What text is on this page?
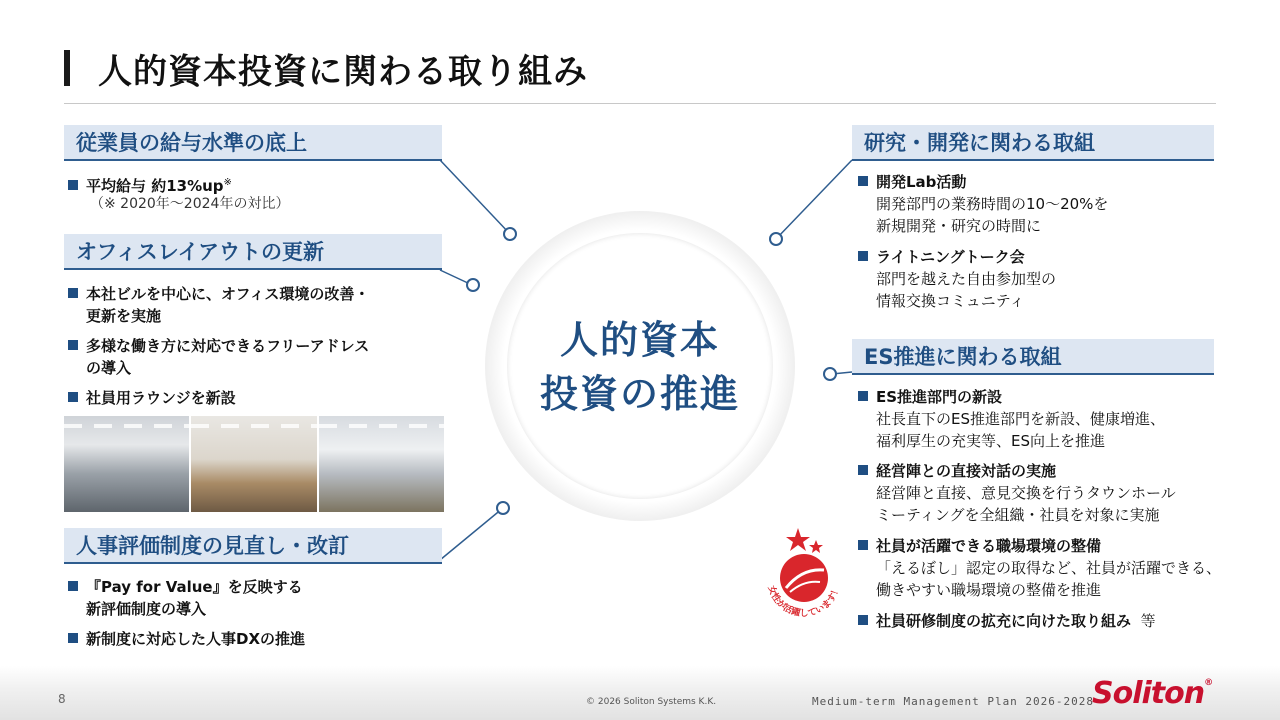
人的資本投資に関わる取り組み
従業員の給与水準の底上
平均給与 約13%up※
（※ 2020年～2024年の対比）
オフィスレイアウトの更新
本社ビルを中心に、オフィス環境の改善・
更新を実施
多様な働き方に対応できるフリーアドレス
の導入
社員用ラウンジを新設
人事評価制度の見直し・改訂
『Pay for Value』を反映する
新評価制度の導入
新制度に対応した人事DXの推進
人的資本
投資の推進
研究・開発に関わる取組
開発Lab活動
開発部門の業務時間の10～20%を
新規開発・研究の時間に
ライトニングトーク会
部門を越えた自由参加型の
情報交換コミュニティ
ES推進に関わる取組
ES推進部門の新設
社長直下のES推進部門を新設、健康増進、
福利厚生の充実等、ES向上を推進
経営陣との直接対話の実施
経営陣と直接、意見交換を行うタウンホール
ミーティングを全組織・社員を対象に実施
社員が活躍できる職場環境の整備
「えるぼし」認定の取得など、社員が活躍できる、
働きやすい職場環境の整備を推進
社員研修制度の拡充に向けた取り組み 等
女性が活躍しています！
8	© 2026 Soliton Systems K.K.	Medium-term Management Plan 2026-2028
Soliton®
